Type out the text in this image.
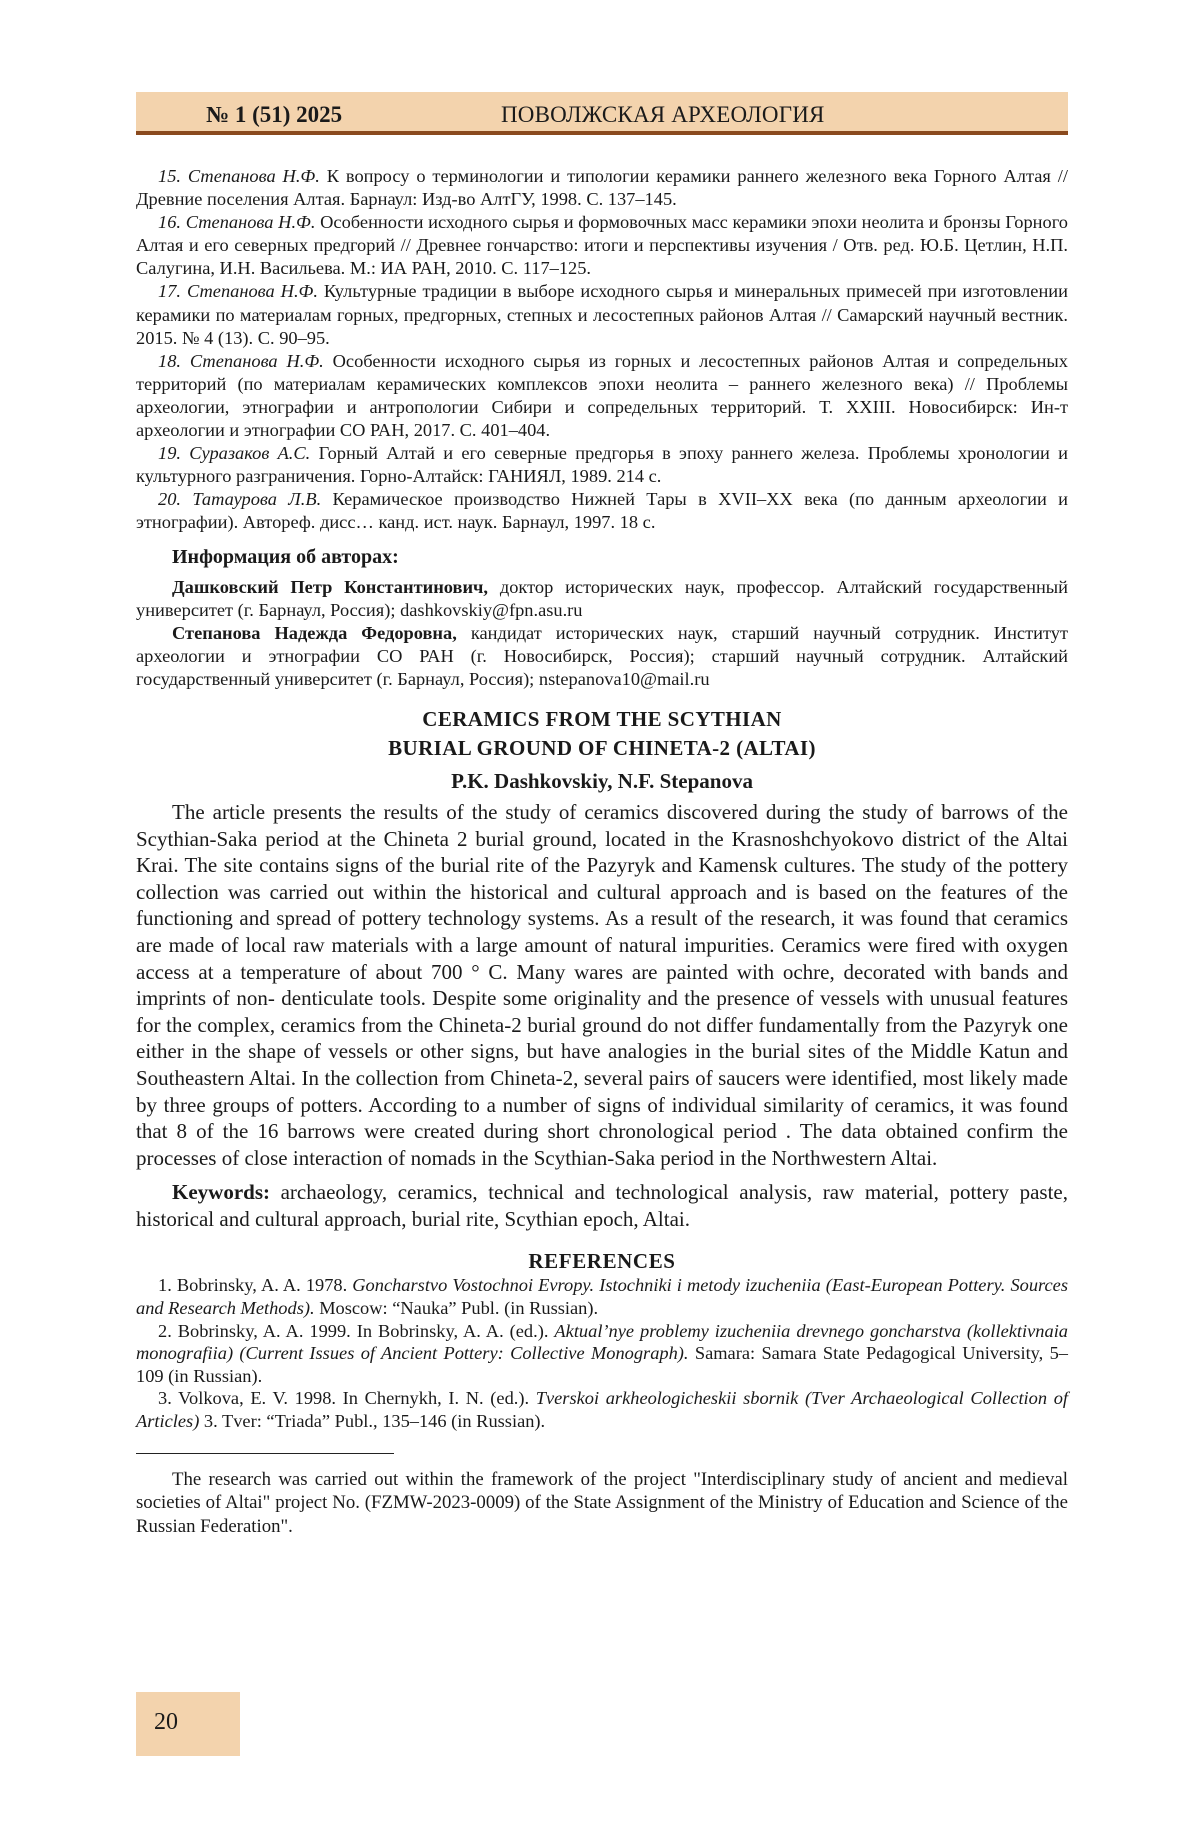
№ 1 (51) 2025	ПОВОЛЖСКАЯ АРХЕОЛОГИЯ

15. Степанова Н.Ф. К вопросу о терминологии и типологии керамики раннего железного века Горного Алтая // Древние поселения Алтая. Барнаул: Изд-во АлтГУ, 1998. С. 137–145.

16. Степанова Н.Ф. Особенности исходного сырья и формовочных масс керамики эпохи неолита и бронзы Горного Алтая и его северных предгорий // Древнее гончарство: итоги и перспективы изучения / Отв. ред. Ю.Б. Цетлин, Н.П. Салугина, И.Н. Васильева. М.: ИА РАН, 2010. С. 117–125.

17. Степанова Н.Ф. Культурные традиции в выборе исходного сырья и минеральных примесей при изготовлении керамики по материалам горных, предгорных, степных и лесостепных районов Алтая // Самарский научный вестник. 2015. № 4 (13). С. 90–95.

18. Степанова Н.Ф. Особенности исходного сырья из горных и лесостепных районов Алтая и сопредельных территорий (по материалам керамических комплексов эпохи неолита – раннего железного века) // Проблемы археологии, этнографии и антропологии Сибири и сопредельных территорий. Т. XXIII. Новосибирск: Ин-т археологии и этнографии СО РАН, 2017. С. 401–404.

19. Суразаков А.С. Горный Алтай и его северные предгорья в эпоху раннего железа. Проблемы хронологии и культурного разграничения. Горно-Алтайск: ГАНИЯЛ, 1989. 214 с.

20. Татаурова Л.В. Керамическое производство Нижней Тары в XVII–XX века (по данным археологии и этнографии). Автореф. дисс… канд. ист. наук. Барнаул, 1997. 18 с.

Информация об авторах:

Дашковский Петр Константинович, доктор исторических наук, профессор. Алтайский государственный университет (г. Барнаул, Россия); dashkovskiy@fpn.asu.ru

Степанова Надежда Федоровна, кандидат исторических наук, старший научный сотрудник. Институт археологии и этнографии СО РАН (г. Новосибирск, Россия); старший научный сотрудник. Алтайский государственный университет (г. Барнаул, Россия); nstepanova10@mail.ru

CERAMICS FROM THE SCYTHIAN
BURIAL GROUND OF CHINETA-2 (ALTAI)
P.K. Dashkovskiy, N.F. Stepanova

The article presents the results of the study of ceramics discovered during the study of barrows of the Scythian-Saka period at the Chineta 2 burial ground, located in the Krasnoshchyokovo district of the Altai Krai. The site contains signs of the burial rite of the Pazyryk and Kamensk cultures. The study of the pottery collection was carried out within the historical and cultural approach and is based on the features of the functioning and spread of pottery technology systems. As a result of the research, it was found that ceramics are made of local raw materials with a large amount of natural impurities. Ceramics were fired with oxygen access at a temperature of about 700 ° C. Many wares are painted with ochre, decorated with bands and imprints of non- denticulate tools. Despite some originality and the presence of vessels with unusual features for the complex, ceramics from the Chineta-2 burial ground do not differ fundamentally from the Pazyryk one either in the shape of vessels or other signs, but have analogies in the burial sites of the Middle Katun and Southeastern Altai. In the collection from Chineta-2, several pairs of saucers were identified, most likely made by three groups of potters. According to a number of signs of individual similarity of ceramics, it was found that 8 of the 16 barrows were created during short chronological period . The data obtained confirm the processes of close interaction of nomads in the Scythian-Saka period in the Northwestern Altai.

Keywords: archaeology, ceramics, technical and technological analysis, raw material, pottery paste, historical and cultural approach, burial rite, Scythian epoch, Altai.

REFERENCES

1. Bobrinsky, A. A. 1978. Goncharstvo Vostochnoi Evropy. Istochniki i metody izucheniia (East-European Pottery. Sources and Research Methods). Moscow: “Nauka” Publ. (in Russian).

2. Bobrinsky, A. A. 1999. In Bobrinsky, A. A. (ed.). Aktual’nye problemy izucheniia drevnego goncharstva (kollektivnaia monografiia) (Current Issues of Ancient Pottery: Collective Monograph). Samara: Samara State Pedagogical University, 5–109 (in Russian).

3. Volkova, E. V. 1998. In Chernykh, I. N. (ed.). Tverskoi arkheologicheskii sbornik (Tver Archaeological Collection of Articles) 3. Tver: “Triada” Publ., 135–146 (in Russian).

The research was carried out within the framework of the project "Interdisciplinary study of ancient and medieval societies of Altai" project No. (FZMW-2023-0009) of the State Assignment of the Ministry of Education and Science of the Russian Federation".

20
